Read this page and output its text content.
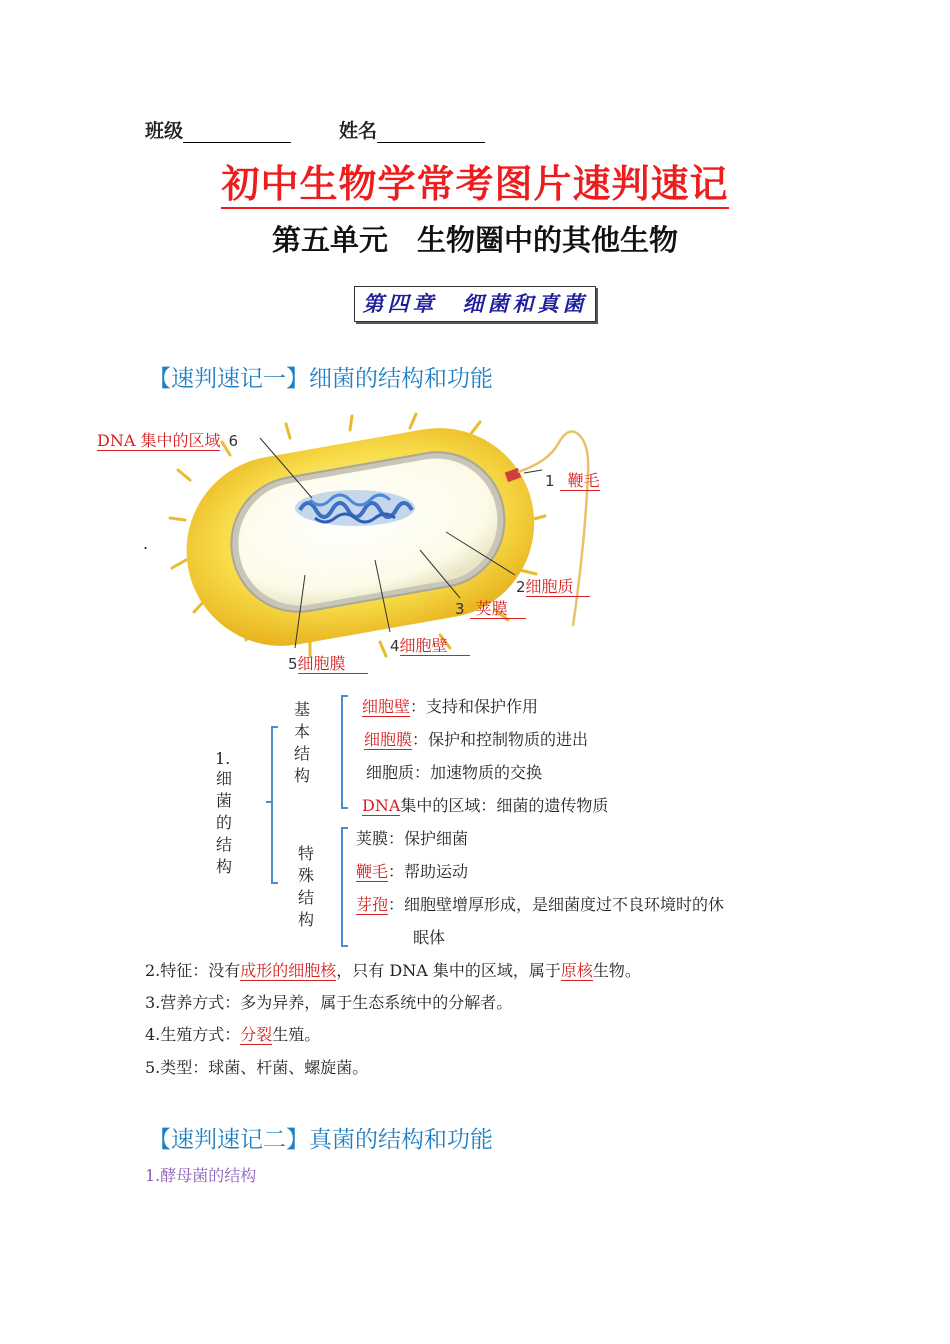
班级	姓名
初中生物学常考图片速判速记
第五单元　生物圈中的其他生物
第四章　细菌和真菌
【速判速记一】细菌的结构和功能
DNA 集中的区域 6
1 鞭毛
2细胞质
3 荚膜
4细胞壁
5细胞膜
.
1.
细
菌
的
结
构
基
本
结
构
特
殊
结
构
细胞壁：支持和保护作用
细胞膜：保护和控制物质的进出
细胞质：加速物质的交换
DNA集中的区域：细菌的遗传物质
荚膜：保护细菌
鞭毛：帮助运动
芽孢：细胞壁增厚形成，是细菌度过不良环境时的休
眠体
2.特征：没有成形的细胞核，只有 DNA 集中的区域，属于原核生物。
3.营养方式：多为异养，属于生态系统中的分解者。
4.生殖方式：分裂生殖。
5.类型：球菌、杆菌、螺旋菌。
【速判速记二】真菌的结构和功能
1.酵母菌的结构
